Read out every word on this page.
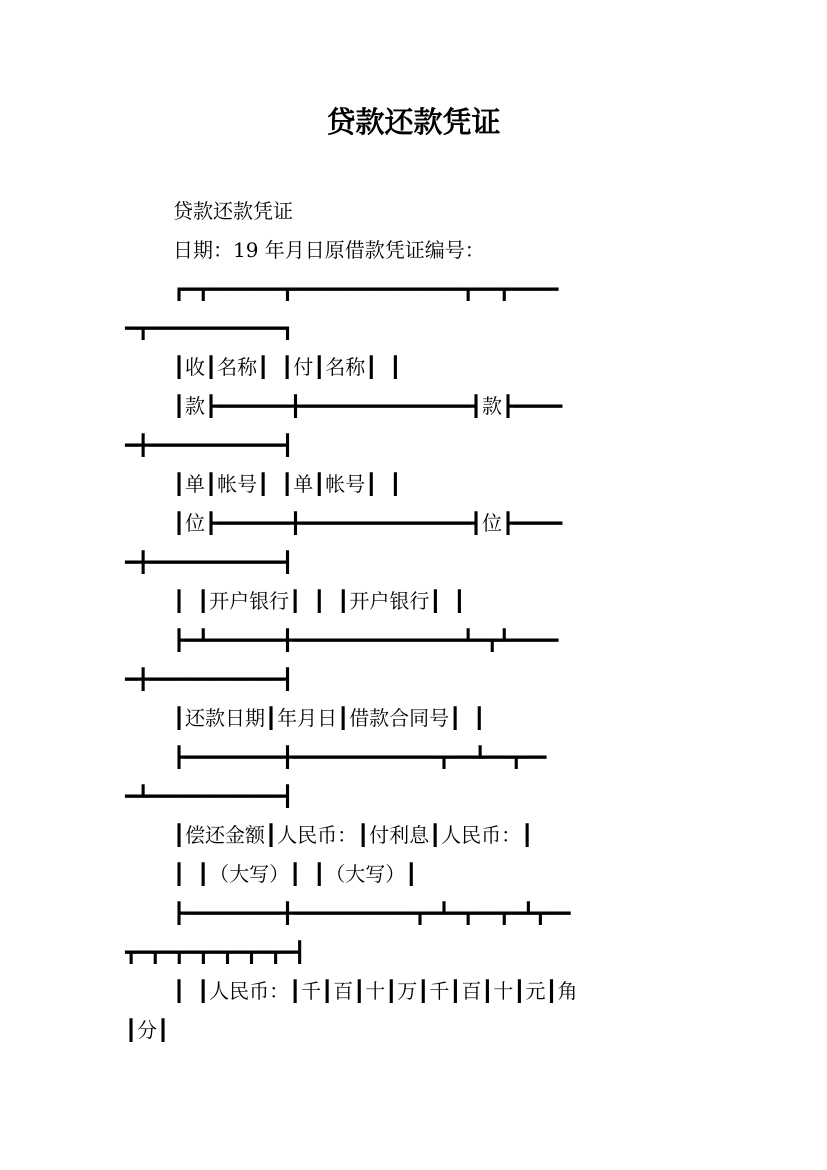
贷款还款凭证
贷款还款凭证
日期：19 年月日原借款凭证编号：
┏━┳━━━━━━┳━━━━━━━━━━━━━━┳━━┳━━━━
━┳━━━━━━━━━━━┓
┃收┃名称┃ ┃付┃名称┃ ┃
┃款┣━━━━━━╋━━━━━━━━━━━━━━┫款┣━━━━
━╋━━━━━━━━━━━┫
┃单┃帐号┃ ┃单┃帐号┃ ┃
┃位┣━━━━━━╋━━━━━━━━━━━━━━┫位┣━━━━
━╋━━━━━━━━━━━┫
┃ ┃开户银行┃ ┃ ┃开户银行┃ ┃
┣━┻━━━━━━╋━━━━━━━━━━━━━━┻━┳┻━━━━
━╋━━━━━━━━━━━┫
┃还款日期┃年月日┃借款合同号┃ ┃
┣━━━━━━━━╋━━━━━━━━━━━━┳━━┻━━┳━━
━┻━━━━━━━━━━━┫
┃偿还金额┃人民币：┃付利息┃人民币：┃
┃ ┃（大写）┃ ┃（大写）┃
┣━━━━━━━━╋━━━━━━━━━━┳━┻━┳━━┳━┻┳━━
┳━┳━┳━┳━┳━┳━┳━┫
┃ ┃人民币：┃千┃百┃十┃万┃千┃百┃十┃元┃角
┃分┃
